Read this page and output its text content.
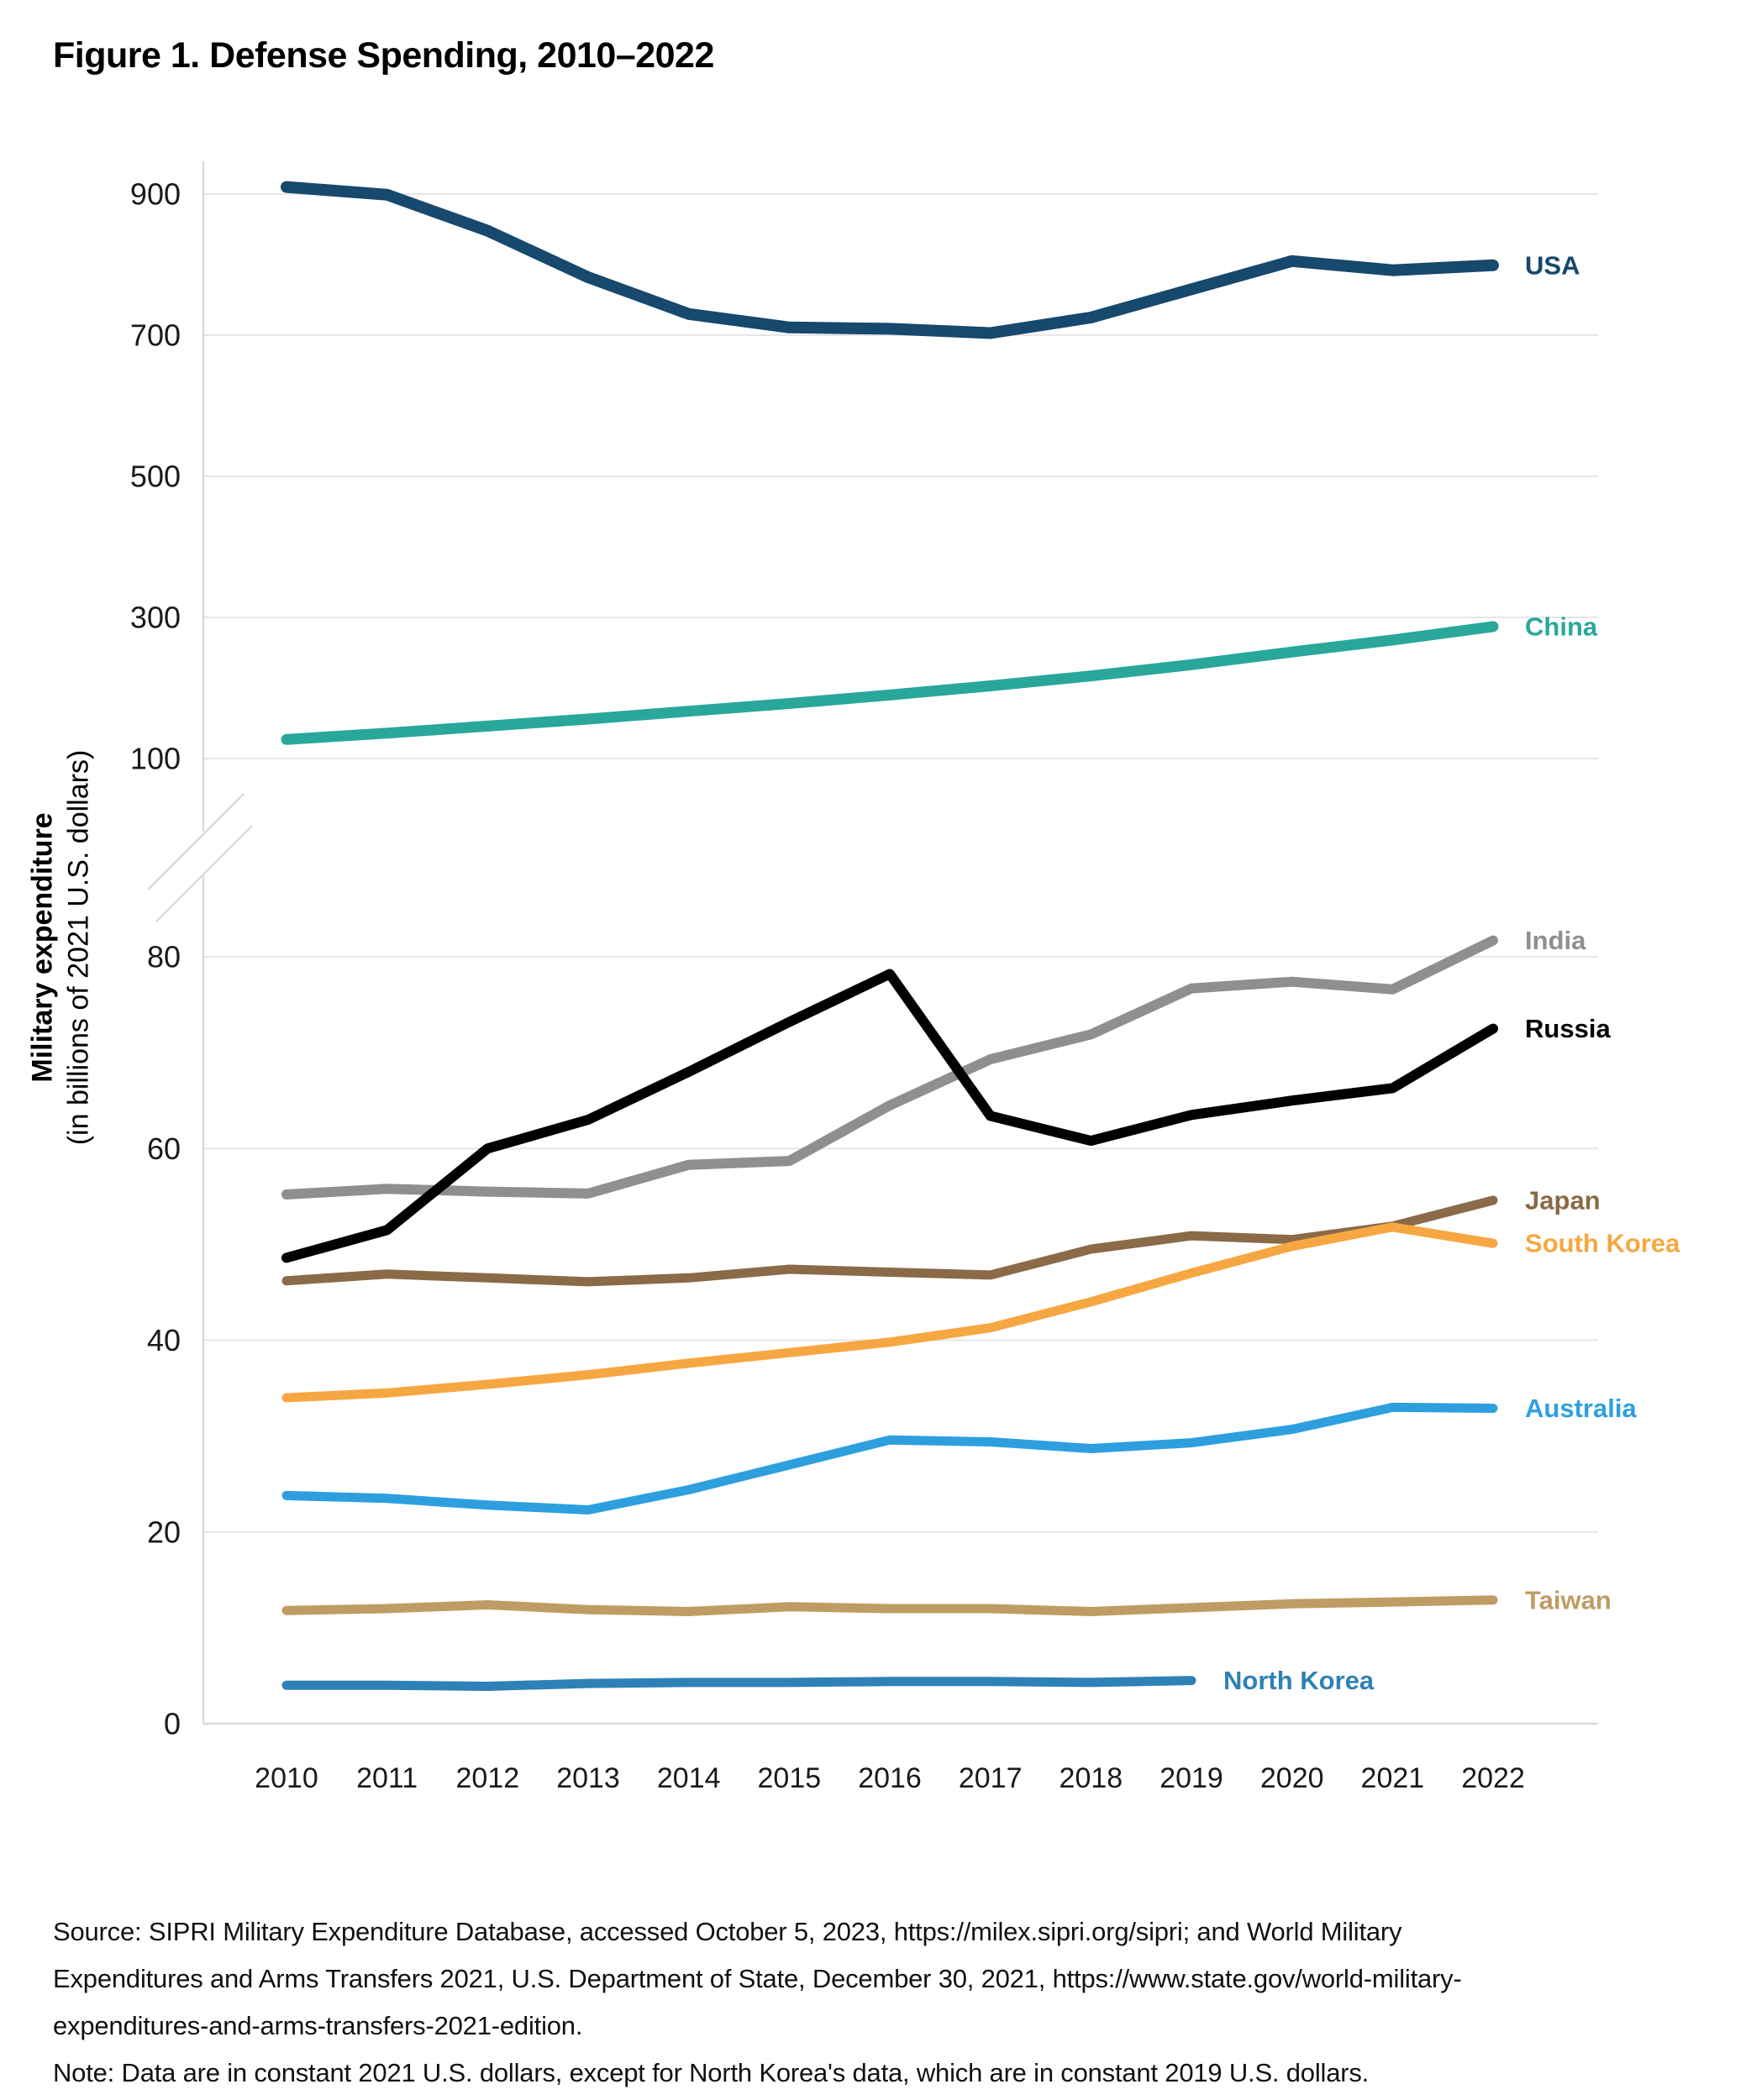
Figure 1. Defense Spending, 2010–2022
100
300
500
700
900
0
20
40
60
80
USA
China
India
Russia
Japan
South Korea
Australia
Taiwan
North Korea
2010 2011 2012 2013 2014 2015 2016 2017 2018 2019 2020 2021 2022
Military expenditure (in billions of 2021 U.S. dollars)
Source: SIPRI Military Expenditure Database, accessed October 5, 2023, https://milex.sipri.org/sipri; and World Military
Expenditures and Arms Transfers 2021, U.S. Department of State, December 30, 2021, https://www.state.gov/world-military-
expenditures-and-arms-transfers-2021-edition.
Note: Data are in constant 2021 U.S. dollars, except for North Korea's data, which are in constant 2019 U.S. dollars.
